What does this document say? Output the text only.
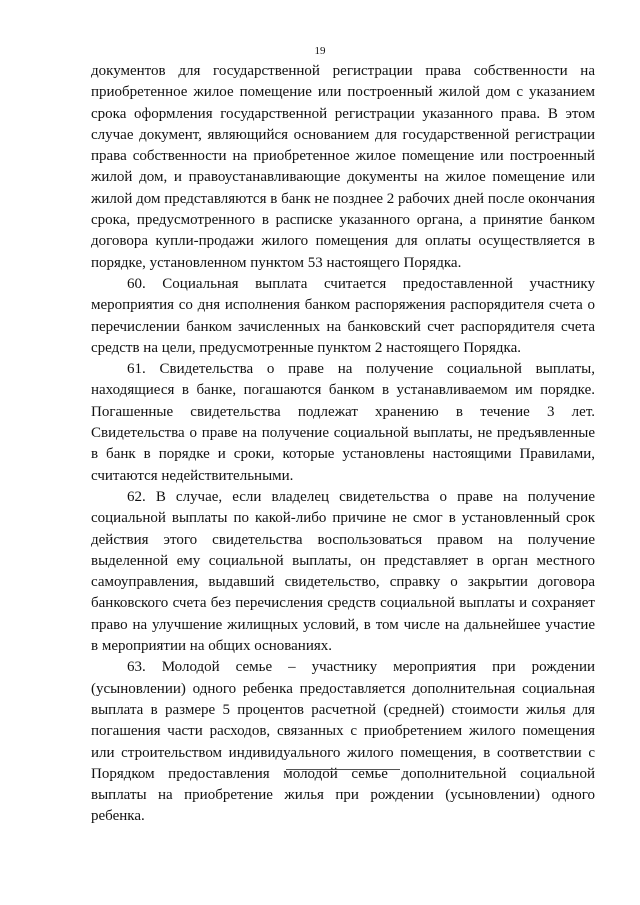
19

документов для государственной регистрации права собственности на приобретенное жилое помещение или построенный жилой дом с указанием срока оформления государственной регистрации указанного права. В этом случае документ, являющийся основанием для государственной регистрации права собственности на приобретенное жилое помещение или построенный жилой дом, и правоустанавливающие документы на жилое помещение или жилой дом представляются в банк не позднее 2 рабочих дней после окончания срока, предусмотренного в расписке указанного органа, а принятие банком договора купли-продажи жилого помещения для оплаты осуществляется в порядке, установленном пунктом 53 настоящего Порядка.

60. Социальная выплата считается предоставленной участнику мероприятия со дня исполнения банком распоряжения распорядителя счета о перечислении банком зачисленных на банковский счет распорядителя счета средств на цели, предусмотренные пунктом 2 настоящего Порядка.

61. Свидетельства о праве на получение социальной выплаты, находящиеся в банке, погашаются банком в устанавливаемом им порядке. Погашенные свидетельства подлежат хранению в течение 3 лет. Свидетельства о праве на получение социальной выплаты, не предъявленные в банк в порядке и сроки, которые установлены настоящими Правилами, считаются недействительными.

62. В случае, если владелец свидетельства о праве на получение социальной выплаты по какой-либо причине не смог в установленный срок действия этого свидетельства воспользоваться правом на получение выделенной ему социальной выплаты, он представляет в орган местного самоуправления, выдавший свидетельство, справку о закрытии договора банковского счета без перечисления средств социальной выплаты и сохраняет право на улучшение жилищных условий, в том числе на дальнейшее участие в мероприятии на общих основаниях.

63. Молодой семье – участнику мероприятия при рождении (усыновлении) одного ребенка предоставляется дополнительная социальная выплата в размере 5 процентов расчетной (средней) стоимости жилья для погашения части расходов, связанных с приобретением жилого помещения или строительством индивидуального жилого помещения, в соответствии с Порядком предоставления молодой семье дополнительной социальной выплаты на приобретение жилья при рождении (усыновлении) одного ребенка.
